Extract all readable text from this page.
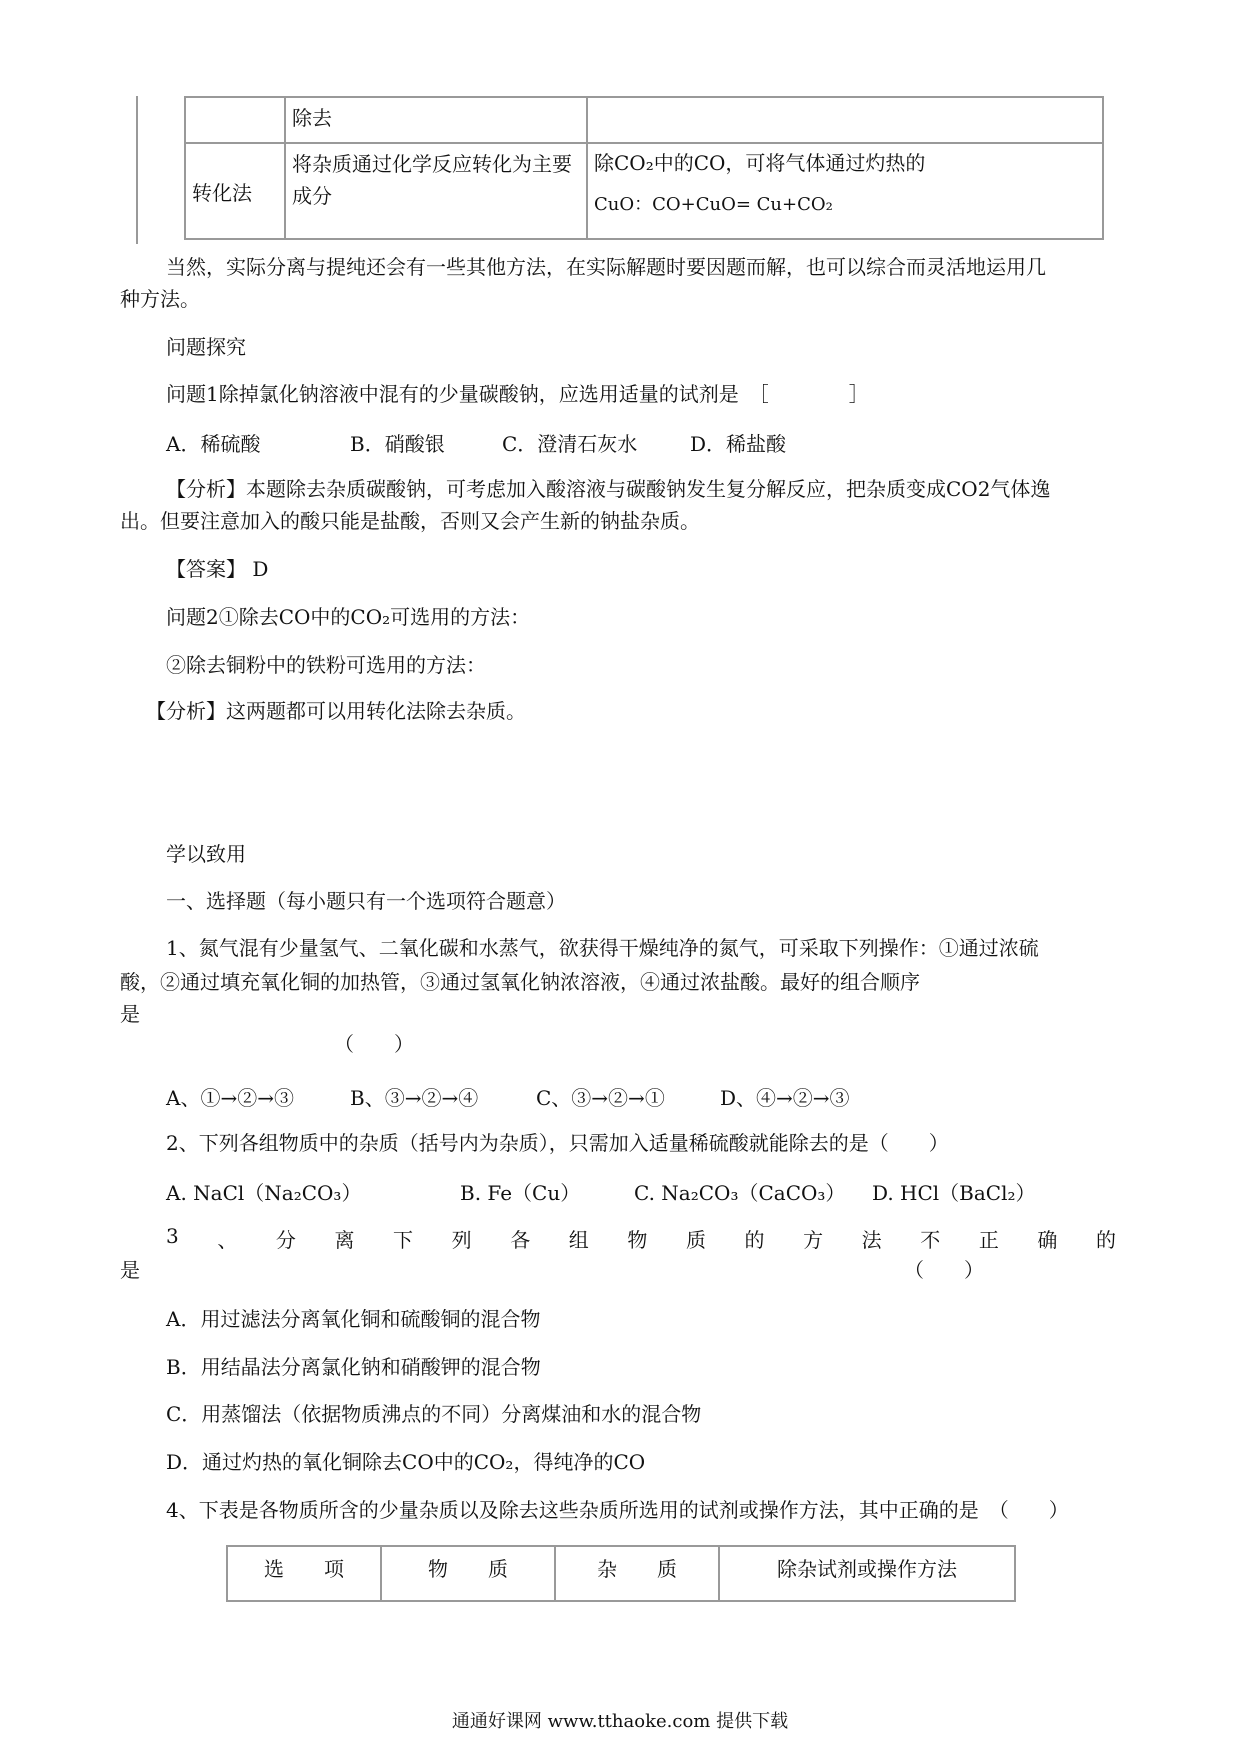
	除去	
转化法	将杂质通过化学反应转化为主要成分	除CO₂中的CO，可将气体通过灼热的
CuO：CO+CuO= Cu+CO₂
当然，实际分离与提纯还会有一些其他方法，在实际解题时要因题而解，也可以综合而灵活地运用几
种方法。
问题探究
问题1除掉氯化钠溶液中混有的少量碳酸钠，应选用适量的试剂是　［　　　　］
A．稀硫酸	B．硝酸银	C．澄清石灰水	D．稀盐酸
【分析】本题除去杂质碳酸钠，可考虑加入酸溶液与碳酸钠发生复分解反应，把杂质变成CO2气体逸
出。但要注意加入的酸只能是盐酸，否则又会产生新的钠盐杂质。
【答案】 D
问题2①除去CO中的CO₂可选用的方法：
②除去铜粉中的铁粉可选用的方法：
【分析】这两题都可以用转化法除去杂质。
学以致用
一、选择题（每小题只有一个选项符合题意）
1、氮气混有少量氢气、二氧化碳和水蒸气，欲获得干燥纯净的氮气，可采取下列操作：①通过浓硫
酸，②通过填充氧化铜的加热管，③通过氢氧化钠浓溶液，④通过浓盐酸。最好的组合顺序
是
（　　）
A、①→②→③	B、③→②→④	C、③→②→①	D、④→②→③
2、下列各组物质中的杂质（括号内为杂质），只需加入适量稀硫酸就能除去的是（　　）
A. NaCl（Na₂CO₃）	B. Fe（Cu）	C. Na₂CO₃（CaCO₃） D. HCl（BaCl₂）
3 、 分 离 下 列 各 组 物 质 的 方 法 不 正 确 的
是	（　　）
A．用过滤法分离氧化铜和硫酸铜的混合物
B．用结晶法分离氯化钠和硝酸钾的混合物
C．用蒸馏法（依据物质沸点的不同）分离煤油和水的混合物
D．通过灼热的氧化铜除去CO中的CO₂，得纯净的CO
4、下表是各物质所含的少量杂质以及除去这些杂质所选用的试剂或操作方法，其中正确的是　（　　）
选　　项	物　　质	杂　　质	除杂试剂或操作方法
通通好课网 www.tthaoke.com 提供下载
